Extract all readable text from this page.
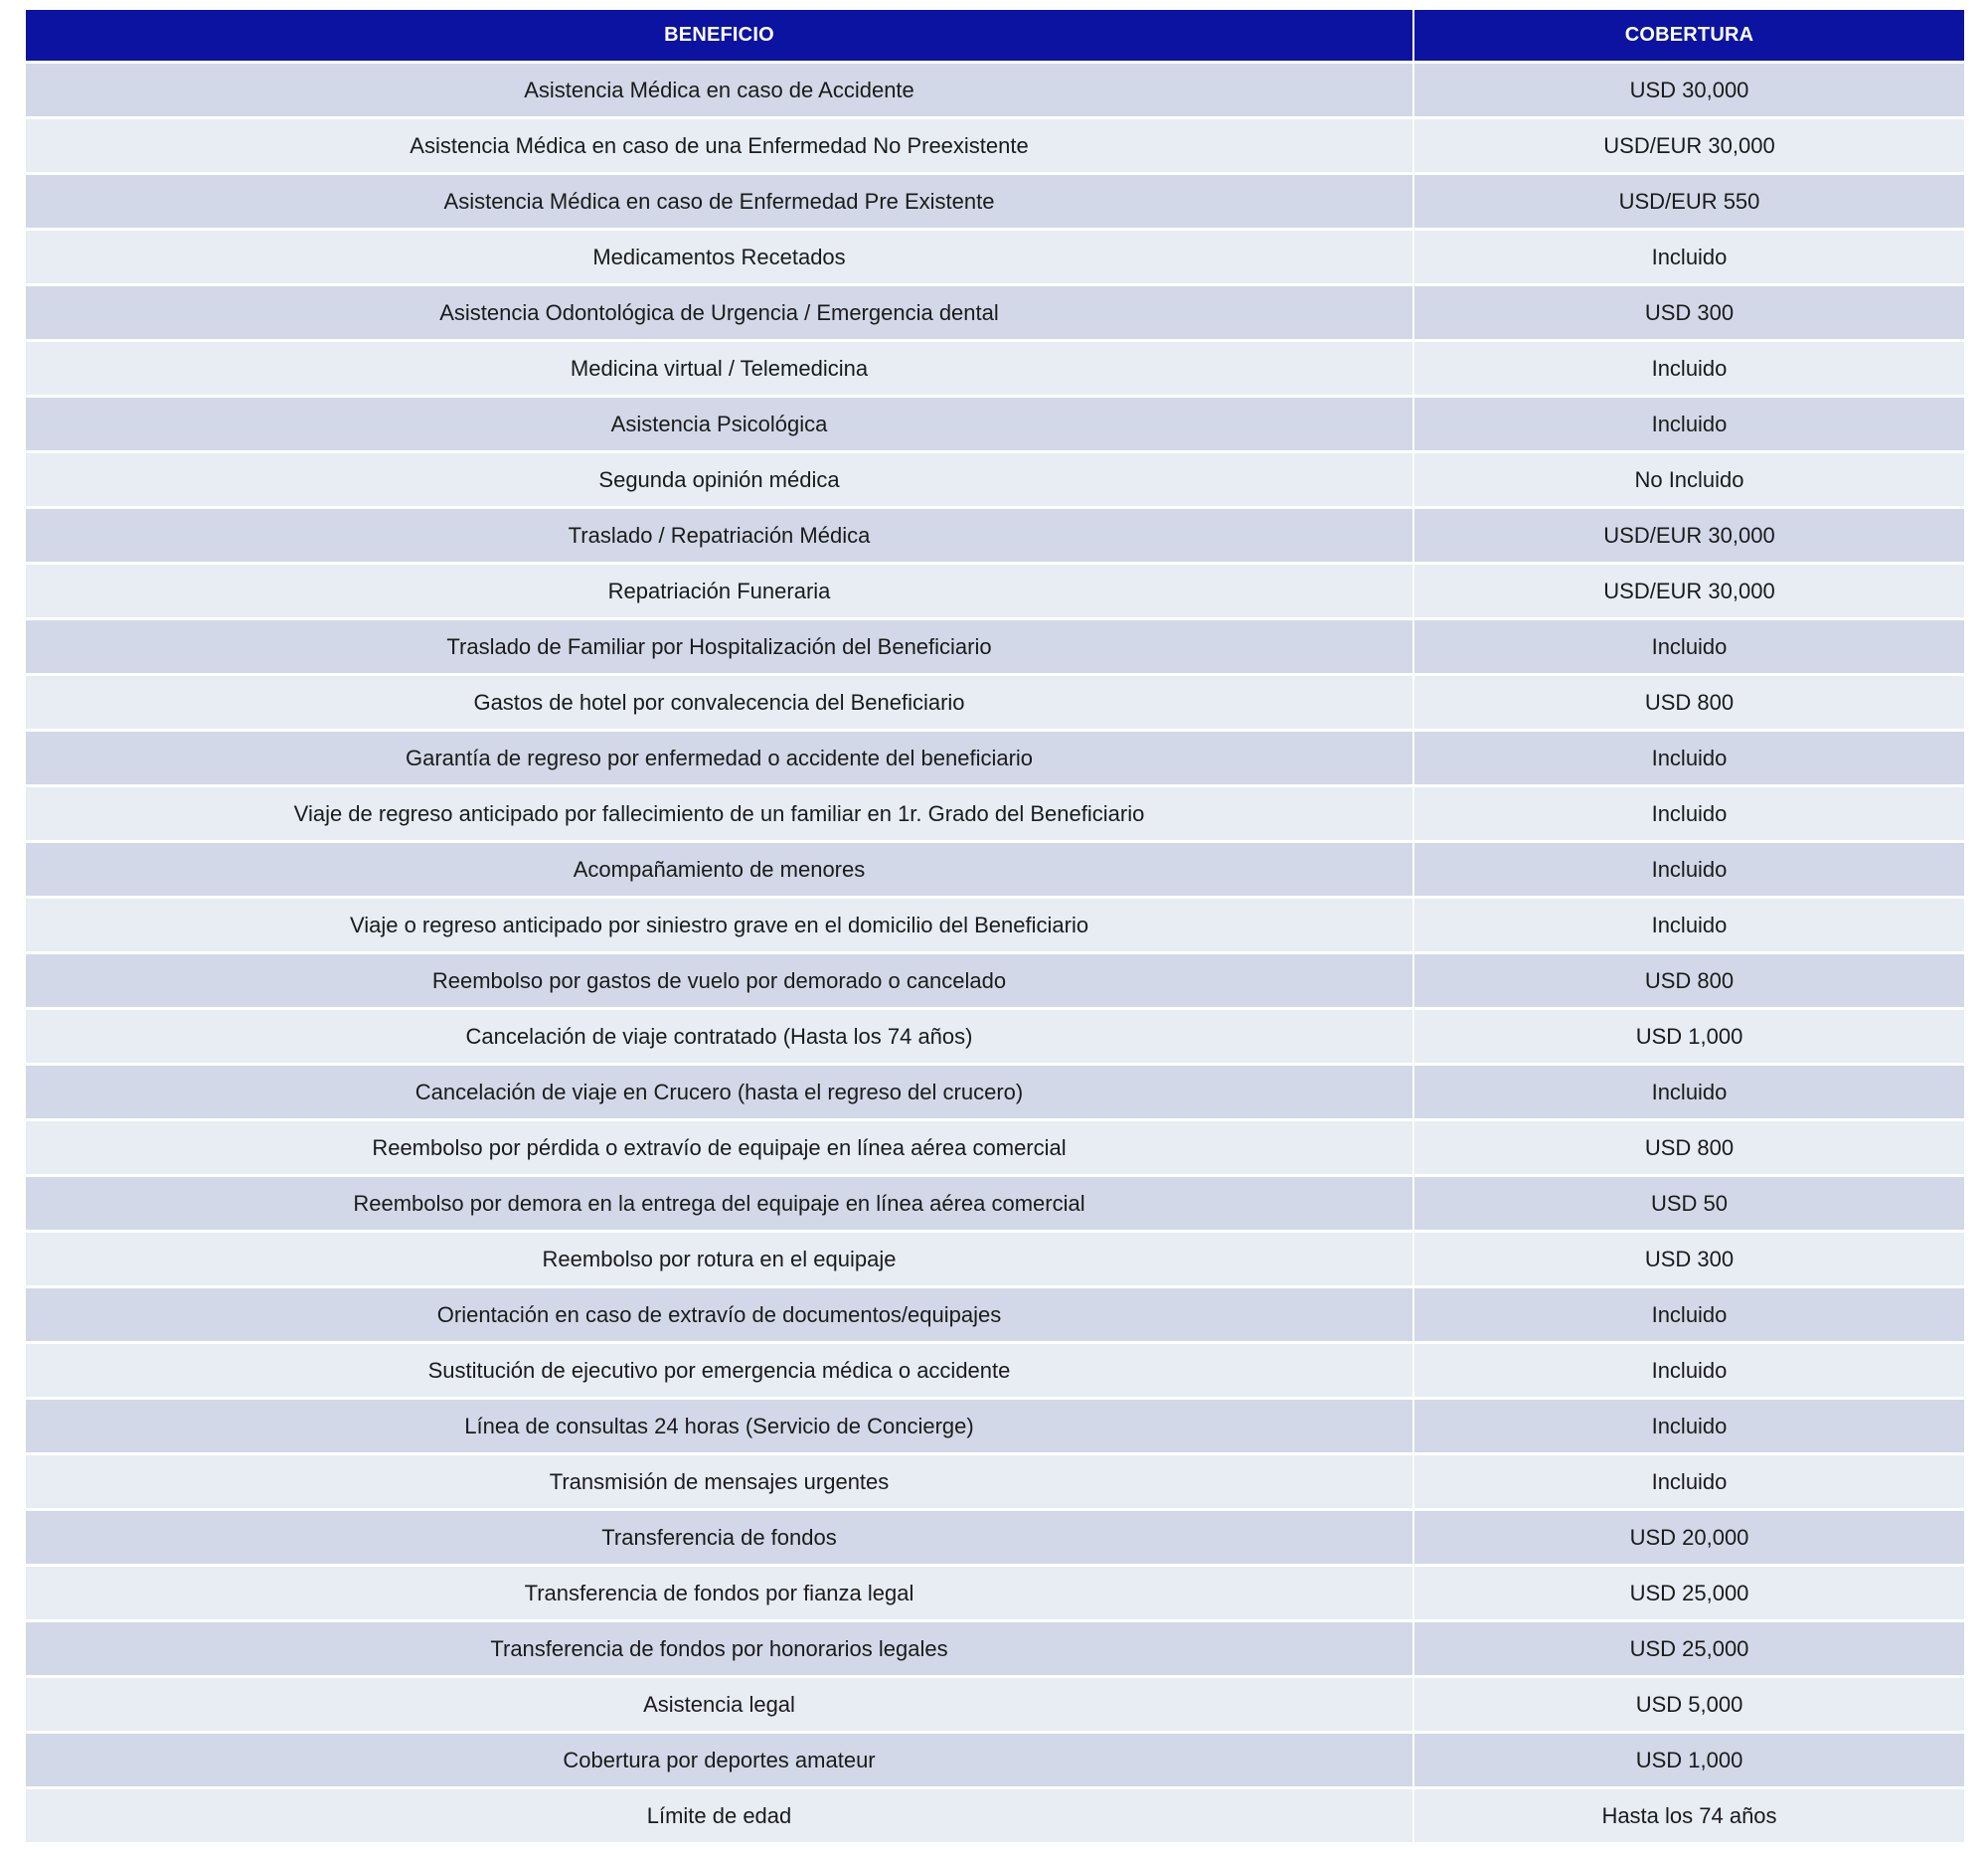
BENEFICIO	COBERTURA
Asistencia Médica en caso de Accidente	USD 30,000
Asistencia Médica en caso de una Enfermedad No Preexistente	USD/EUR 30,000
Asistencia Médica en caso de Enfermedad Pre Existente	USD/EUR 550
Medicamentos Recetados	Incluido
Asistencia Odontológica de Urgencia / Emergencia dental	USD 300
Medicina virtual / Telemedicina	Incluido
Asistencia Psicológica	Incluido
Segunda opinión médica	No Incluido
Traslado / Repatriación Médica	USD/EUR 30,000
Repatriación Funeraria	USD/EUR 30,000
Traslado de Familiar por Hospitalización del Beneficiario	Incluido
Gastos de hotel por convalecencia del Beneficiario	USD 800
Garantía de regreso por enfermedad o accidente del beneficiario	Incluido
Viaje de regreso anticipado por fallecimiento de un familiar en 1r. Grado del Beneficiario	Incluido
Acompañamiento de menores	Incluido
Viaje o regreso anticipado por siniestro grave en el domicilio del Beneficiario	Incluido
Reembolso por gastos de vuelo por demorado o cancelado	USD 800
Cancelación de viaje contratado (Hasta los 74 años)	USD 1,000
Cancelación de viaje en Crucero (hasta el regreso del crucero)	Incluido
Reembolso por pérdida o extravío de equipaje en línea aérea comercial	USD 800
Reembolso por demora en la entrega del equipaje en línea aérea comercial	USD 50
Reembolso por rotura en el equipaje	USD 300
Orientación en caso de extravío de documentos/equipajes	Incluido
Sustitución de ejecutivo por emergencia médica o accidente	Incluido
Línea de consultas 24 horas (Servicio de Concierge)	Incluido
Transmisión de mensajes urgentes	Incluido
Transferencia de fondos	USD 20,000
Transferencia de fondos por fianza legal	USD 25,000
Transferencia de fondos por honorarios legales	USD 25,000
Asistencia legal	USD 5,000
Cobertura por deportes amateur	USD 1,000
Límite de edad	Hasta los 74 años
